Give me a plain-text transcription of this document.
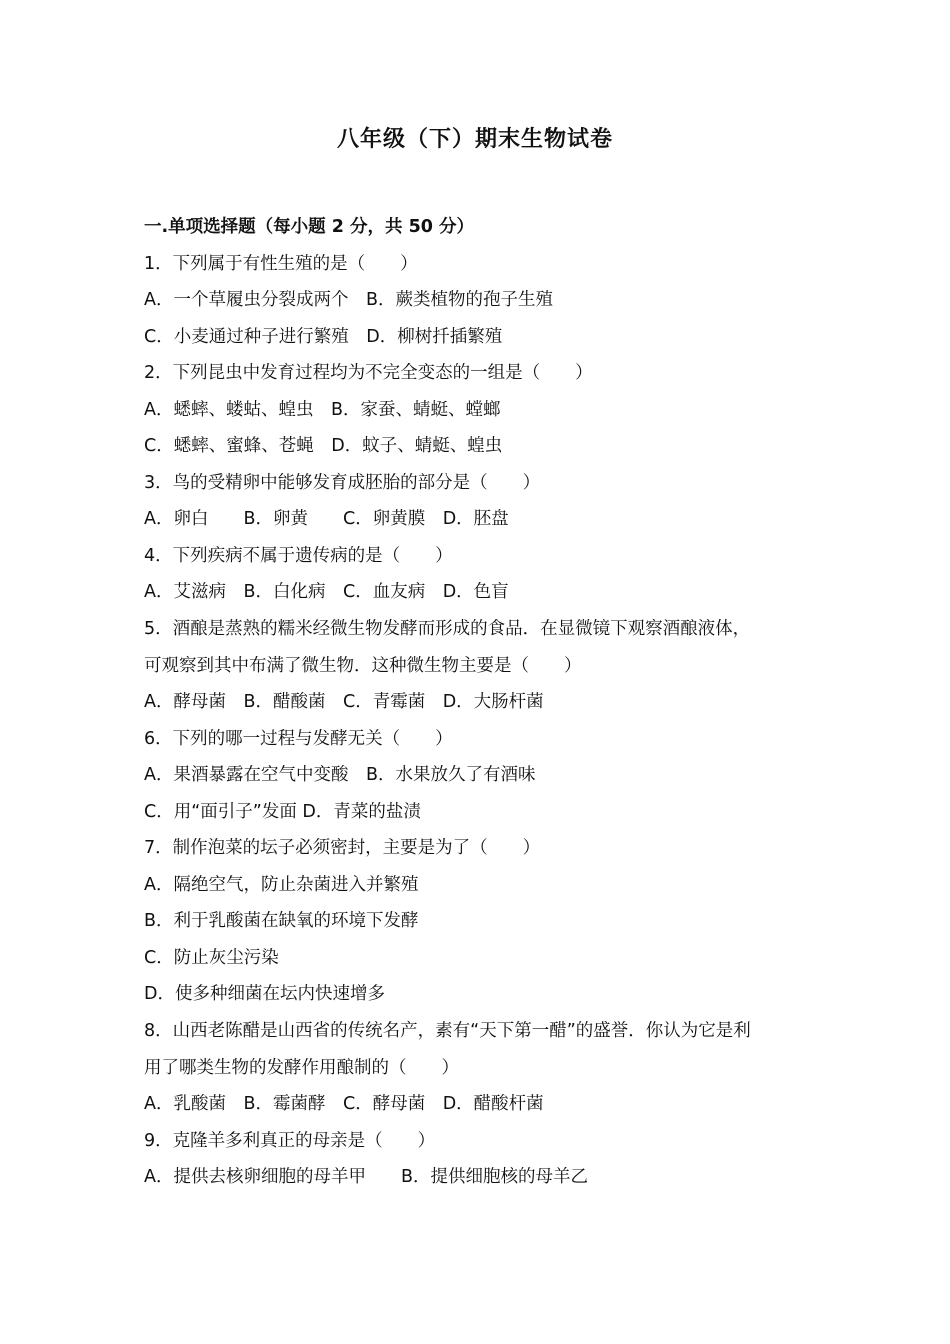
八年级（下）期末生物试卷
一.单项选择题（每小题 2 分，共 50 分）
1．下列属于有性生殖的是（　　）
A．一个草履虫分裂成两个　B．蕨类植物的孢子生殖
C．小麦通过种子进行繁殖　D．柳树扦插繁殖
2．下列昆虫中发育过程均为不完全变态的一组是（　　）
A．蟋蟀、蝼蛄、蝗虫　B．家蚕、蜻蜓、螳螂
C．蟋蟀、蜜蜂、苍蝇　D．蚊子、蜻蜓、蝗虫
3．鸟的受精卵中能够发育成胚胎的部分是（　　）
A．卵白　　B．卵黄　　C．卵黄膜　D．胚盘
4．下列疾病不属于遗传病的是（　　）
A．艾滋病　B．白化病　C．血友病　D．色盲
5．酒酿是蒸熟的糯米经微生物发酵而形成的食品．在显微镜下观察酒酿液体，
可观察到其中布满了微生物．这种微生物主要是（　　）
A．酵母菌　B．醋酸菌　C．青霉菌　D．大肠杆菌
6．下列的哪一过程与发酵无关（　　）
A．果酒暴露在空气中变酸　B．水果放久了有酒味
C．用“面引子”发面 D．青菜的盐渍
7．制作泡菜的坛子必须密封，主要是为了（　　）
A．隔绝空气，防止杂菌进入并繁殖
B．利于乳酸菌在缺氧的环境下发酵
C．防止灰尘污染
D．使多种细菌在坛内快速增多
8．山西老陈醋是山西省的传统名产，素有“天下第一醋”的盛誉．你认为它是利
用了哪类生物的发酵作用酿制的（　　）
A．乳酸菌　B．霉菌酵　C．酵母菌　D．醋酸杆菌
9．克隆羊多利真正的母亲是（　　）
A．提供去核卵细胞的母羊甲　　B．提供细胞核的母羊乙
